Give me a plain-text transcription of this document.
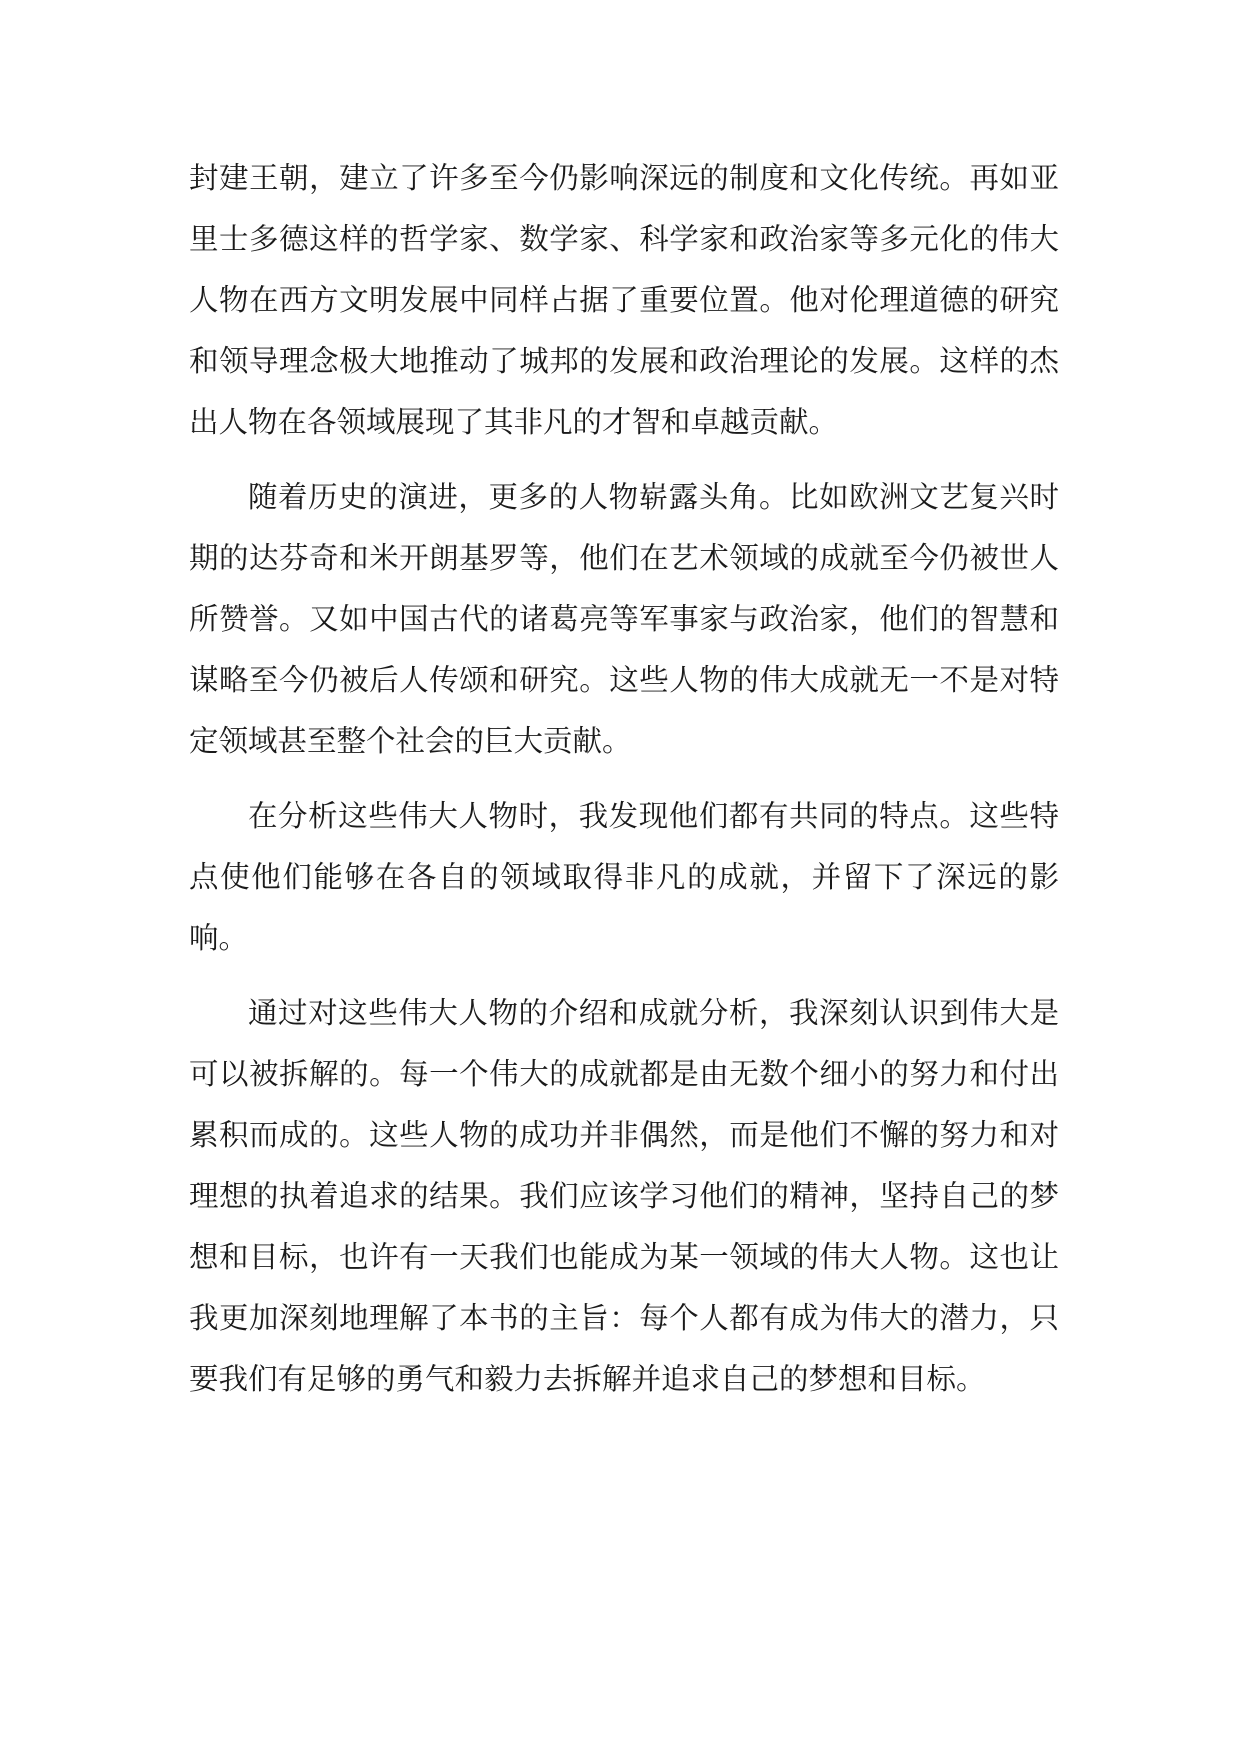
封建王朝，建立了许多至今仍影响深远的制度和文化传统。再如亚里士多德这样的哲学家、数学家、科学家和政治家等多元化的伟大人物在西方文明发展中同样占据了重要位置。他对伦理道德的研究和领导理念极大地推动了城邦的发展和政治理论的发展。这样的杰出人物在各领域展现了其非凡的才智和卓越贡献。

随着历史的演进，更多的人物崭露头角。比如欧洲文艺复兴时期的达芬奇和米开朗基罗等，他们在艺术领域的成就至今仍被世人所赞誉。又如中国古代的诸葛亮等军事家与政治家，他们的智慧和谋略至今仍被后人传颂和研究。这些人物的伟大成就无一不是对特定领域甚至整个社会的巨大贡献。

在分析这些伟大人物时，我发现他们都有共同的特点。这些特点使他们能够在各自的领域取得非凡的成就，并留下了深远的影响。

通过对这些伟大人物的介绍和成就分析，我深刻认识到伟大是可以被拆解的。每一个伟大的成就都是由无数个细小的努力和付出累积而成的。这些人物的成功并非偶然，而是他们不懈的努力和对理想的执着追求的结果。我们应该学习他们的精神，坚持自己的梦想和目标，也许有一天我们也能成为某一领域的伟大人物。这也让我更加深刻地理解了本书的主旨：每个人都有成为伟大的潜力，只要我们有足够的勇气和毅力去拆解并追求自己的梦想和目标。
